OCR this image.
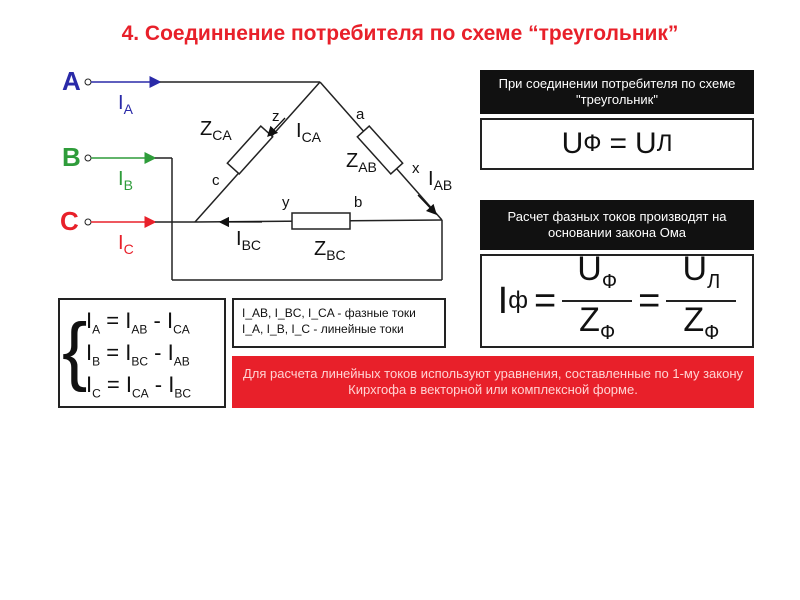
4. Соединнение потребителя по схеме “треугольник”
A
B
C
$I_A$
$I_B$
$I_C$
$Z_{CA}$
$Z_{AB}$
$Z_{BC}$
$I_{CA}$
$I_{AB}$
$I_{BC}$
z	a
x
c
y	b
При соединении потребителя по схеме "треугольник"
U Ф = U Л
Расчет фазных токов производят на основании закона Ома
I $ф = \frac{U_Ф}{Z_Ф} = \frac{U_Л}{Z_Ф}$
{
$I_A = I_{AB} - I_{CA}$
$I_B = I_{BC} - I_{AB}$
$I_C = I_{CA} - I_{BC}$
I_AB, I_BC, I_CA - фазные токи
I_A, I_B, I_C - линейные токи
Для расчета линейных токов используют уравнения, составленные по 1-му закону Кирхгофа в векторной или комплексной форме.
